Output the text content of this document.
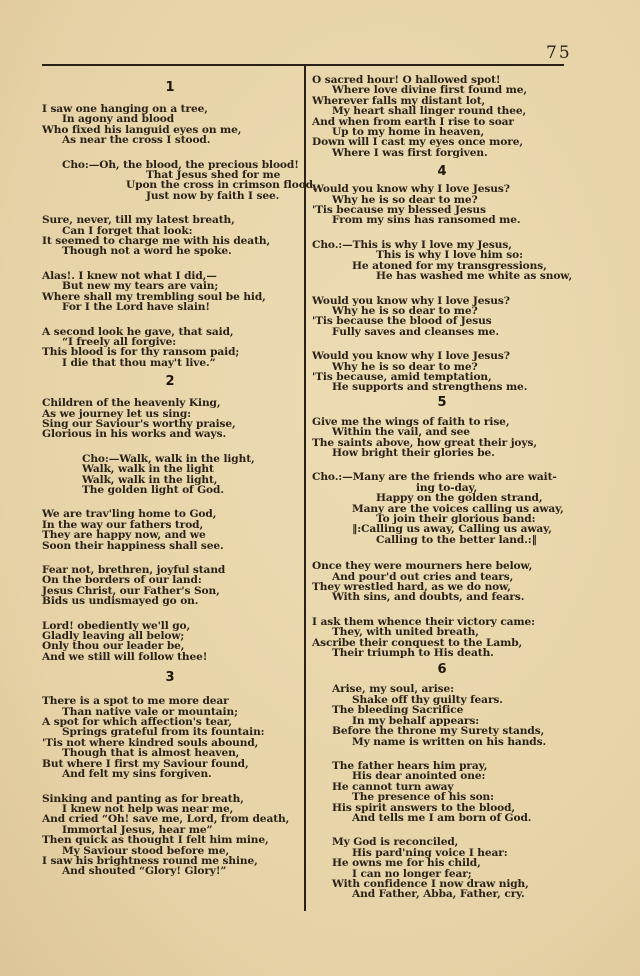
75
1
I saw one hanging on a tree,
In agony and blood
Who fixed his languid eyes on me,
As near the cross I stood.
Cho:—Oh, the blood, the precious blood!
That Jesus shed for me
Upon the cross in crimson flood,
Just now by faith I see.
Sure, never, till my latest breath,
Can I forget that look:
It seemed to charge me with his death,
Though not a word he spoke.
Alas!. I knew not what I did,—
But new my tears are vain;
Where shall my trembling soul be hid,
For I the Lord have slain!
A second look he gave, that said,
“I freely all forgive:
This blood is for thy ransom paid;
I die that thou may't live.”
2
Children of the heavenly King,
As we journey let us sing:
Sing our Saviour's worthy praise,
Glorious in his works and ways.
Cho:—Walk, walk in the light,
Walk, walk in the light
Walk, walk in the light,
The golden light of God.
We are trav'ling home to God,
In the way our fathers trod,
They are happy now, and we
Soon their happiness shall see.
Fear not, brethren, joyful stand
On the borders of our land:
Jesus Christ, our Father's Son,
Bids us undismayed go on.
Lord! obediently we'll go,
Gladly leaving all below;
Only thou our leader be,
And we still will follow thee!
3
There is a spot to me more dear
Than native vale or mountain;
A spot for which affection's tear,
Springs grateful from its fountain:
'Tis not where kindred souls abound,
Though that is almost heaven,
But where I first my Saviour found,
And felt my sins forgiven.
Sinking and panting as for breath,
I knew not help was near me,
And cried “Oh! save me, Lord, from death,
Immortal Jesus, hear me”
Then quick as thought I felt him mine,
My Saviour stood before me,
I saw his brightness round me shine,
And shouted “Glory! Glory!”
O sacred hour! O hallowed spot!
Where love divine first found me,
Wherever falls my distant lot,
My heart shall linger round thee,
And when from earth I rise to soar
Up to my home in heaven,
Down will I cast my eyes once more,
Where I was first forgiven.
4
Would you know why I love Jesus?
Why he is so dear to me?
'Tis because my blessed Jesus
From my sins has ransomed me.
Cho.:—This is why I love my Jesus,
This is why I love him so:
He atoned for my transgressions,
He has washed me white as snow,
Would you know why I love Jesus?
Why he is so dear to me?
'Tis because the blood of Jesus
Fully saves and cleanses me.
Would you know why I love Jesus?
Why he is so dear to me?
'Tis because, amid temptation,
He supports and strengthens me.
5
Give me the wings of faith to rise,
Within the vail, and see
The saints above, how great their joys,
How bright their glories be.
Cho.:—Many are the friends who are wait-
ing to-day,
Happy on the golden strand,
Many are the voices calling us away,
To join their glorious band:
‖:Calling us away, Calling us away,
Calling to the better land.:‖
Once they were mourners here below,
And pour'd out cries and tears,
They wrestled hard, as we do now,
With sins, and doubts, and fears.
I ask them whence their victory came:
They, with united breath,
Ascribe their conquest to the Lamb,
Their triumph to His death.
6
Arise, my soul, arise:
Shake off thy guilty fears.
The bleeding Sacrifice
In my behalf appears:
Before the throne my Surety stands,
My name is written on his hands.
The father hears him pray,
His dear anointed one:
He cannot turn away
The presence of his son:
His spirit answers to the blood,
And tells me I am born of God.
My God is reconciled,
His pard'ning voice I hear:
He owns me for his child,
I can no longer fear;
With confidence I now draw nigh,
And Father, Abba, Father, cry.
